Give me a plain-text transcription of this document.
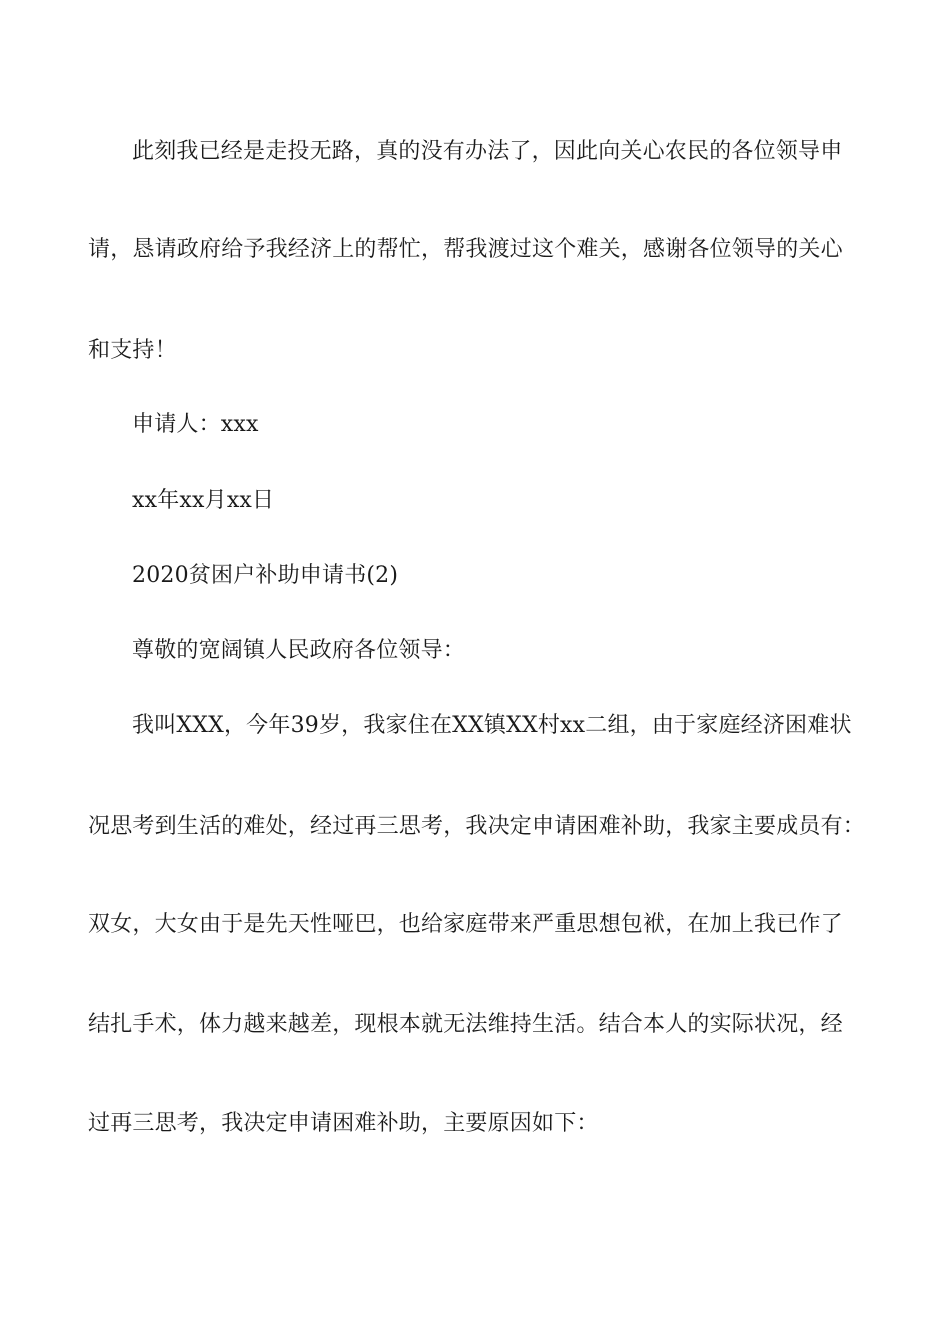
此刻我已经是走投无路，真的没有办法了，因此向关心农民的各位领导申
请，恳请政府给予我经济上的帮忙，帮我渡过这个难关，感谢各位领导的关心
和支持！
申请人：xxx
xx年xx月xx日
2020贫困户补助申请书(2)
尊敬的宽阔镇人民政府各位领导：
我叫XXX，今年39岁，我家住在XX镇XX村xx二组，由于家庭经济困难状
况思考到生活的难处，经过再三思考，我决定申请困难补助，我家主要成员有：
双女，大女由于是先天性哑巴，也给家庭带来严重思想包袱，在加上我已作了
结扎手术，体力越来越差，现根本就无法维持生活。结合本人的实际状况，经
过再三思考，我决定申请困难补助，主要原因如下：
